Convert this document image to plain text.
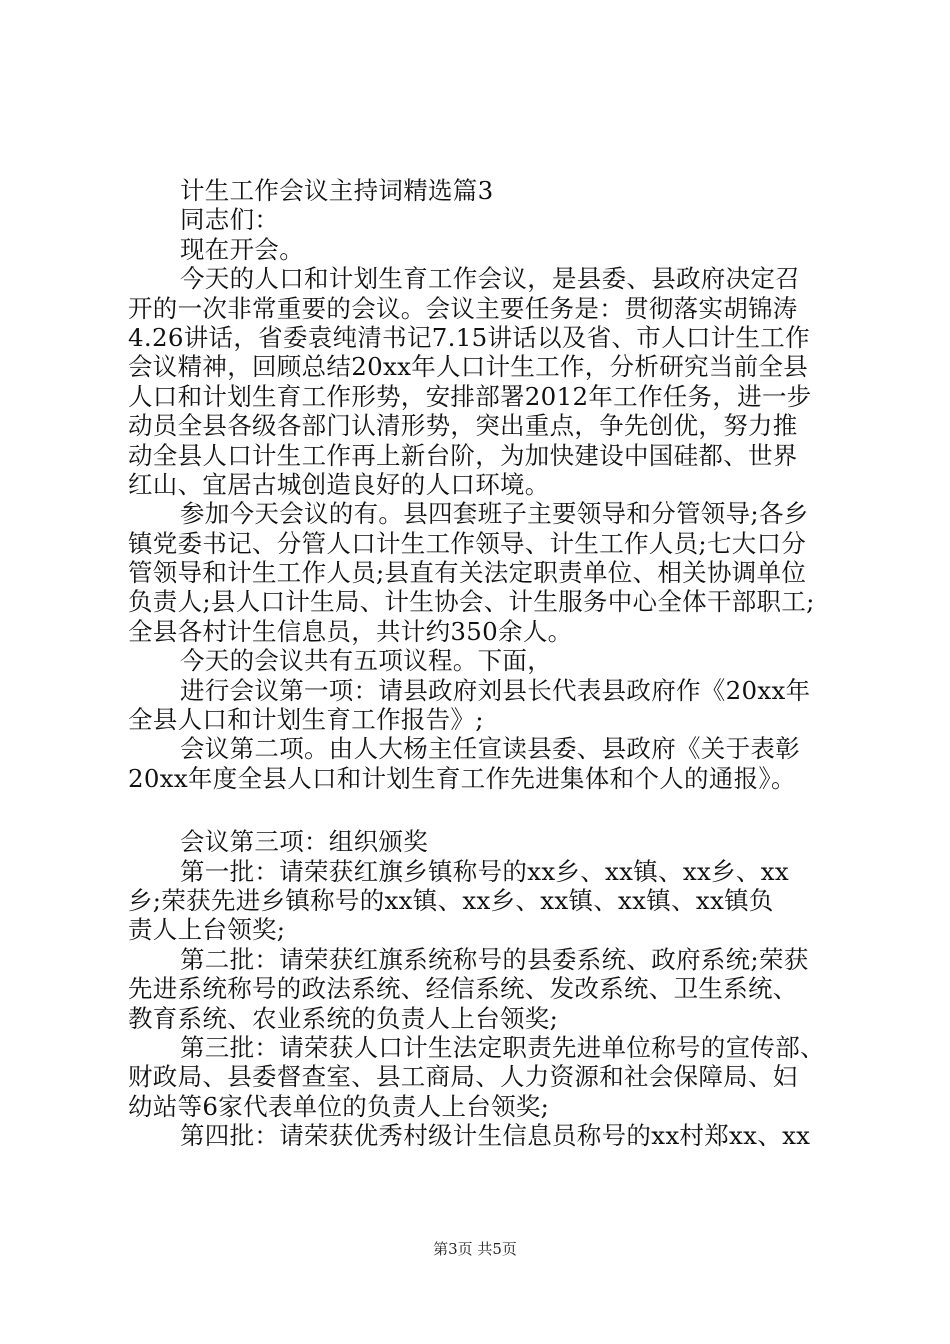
计生工作会议主持词精选篇3
同志们：
现在开会。
今天的人口和计划生育工作会议，是县委、县政府决定召
开的一次非常重要的会议。会议主要任务是：贯彻落实胡锦涛
4.26讲话，省委袁纯清书记7.15讲话以及省、市人口计生工作
会议精神，回顾总结20xx年人口计生工作，分析研究当前全县
人口和计划生育工作形势，安排部署2012年工作任务，进一步
动员全县各级各部门认清形势，突出重点，争先创优，努力推
动全县人口计生工作再上新台阶，为加快建设中国硅都、世界
红山、宜居古城创造良好的人口环境。
参加今天会议的有。县四套班子主要领导和分管领导;各乡
镇党委书记、分管人口计生工作领导、计生工作人员;七大口分
管领导和计生工作人员;县直有关法定职责单位、相关协调单位
负责人;县人口计生局、计生协会、计生服务中心全体干部职工;
全县各村计生信息员，共计约350余人。
今天的会议共有五项议程。下面，
进行会议第一项：请县政府刘县长代表县政府作《20xx年
全县人口和计划生育工作报告》;
会议第二项。由人大杨主任宣读县委、县政府《关于表彰
20xx年度全县人口和计划生育工作先进集体和个人的通报》。
会议第三项：组织颁奖
第一批：请荣获红旗乡镇称号的xx乡、xx镇、xx乡、xx
乡;荣获先进乡镇称号的xx镇、xx乡、xx镇、xx镇、xx镇负
责人上台领奖;
第二批：请荣获红旗系统称号的县委系统、政府系统;荣获
先进系统称号的政法系统、经信系统、发改系统、卫生系统、
教育系统、农业系统的负责人上台领奖;
第三批：请荣获人口计生法定职责先进单位称号的宣传部、
财政局、县委督查室、县工商局、人力资源和社会保障局、妇
幼站等6家代表单位的负责人上台领奖;
第四批：请荣获优秀村级计生信息员称号的xx村郑xx、xx
第3页 共5页
